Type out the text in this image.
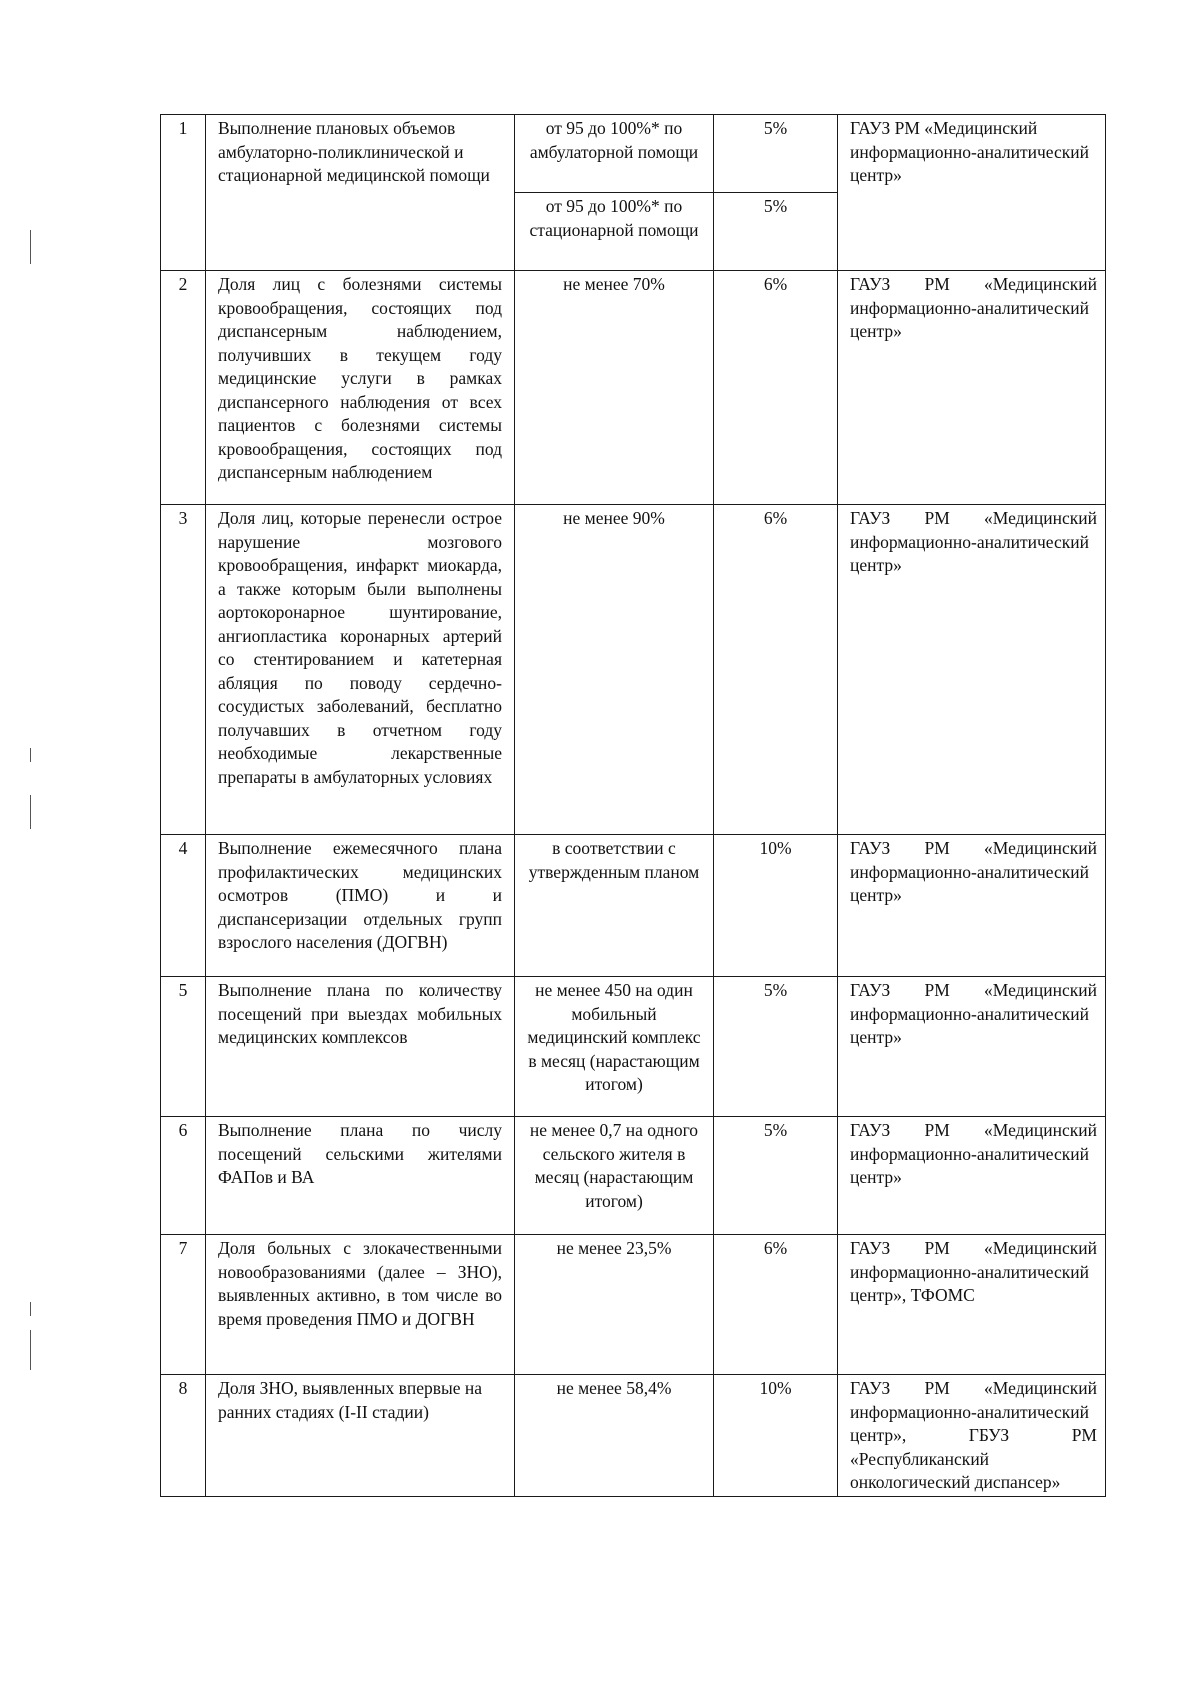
1	Выполнение плановых объемов амбулаторно-поликлинической и стационарной медицинской помощи	от 95 до 100%* по амбулаторной помощи	5%	ГАУЗ РМ «Медицинский информационно-аналитический центр»
		от 95 до 100%* по стационарной помощи	5%	
2	Доля лиц с болезнями системы кровообращения, состоящих под диспансерным наблюдением, получивших в текущем году медицинские услуги в рамках диспансерного наблюдения от всех пациентов с болезнями системы кровообращения, состоящих под диспансерным наблюдением	не менее 70%	6%	ГАУЗ РМ «Медицинский информационно-аналитический центр»
3	Доля лиц, которые перенесли острое нарушение мозгового кровообращения, инфаркт миокарда, а также которым были выполнены аортокоронарное шунтирование, ангиопластика коронарных артерий со стентированием и катетерная абляция по поводу сердечно-сосудистых заболеваний, бесплатно получавших в отчетном году необходимые лекарственные препараты в амбулаторных условиях	не менее 90%	6%	ГАУЗ РМ «Медицинский информационно-аналитический центр»
4	Выполнение ежемесячного плана профилактических медицинских осмотров (ПМО) и и диспансеризации отдельных групп взрослого населения (ДОГВН)	в соответствии с утвержденным планом	10%	ГАУЗ РМ «Медицинский информационно-аналитический центр»
5	Выполнение плана по количеству посещений при выездах мобильных медицинских комплексов	не менее 450 на один мобильный медицинский комплекс в месяц (нарастающим итогом)	5%	ГАУЗ РМ «Медицинский информационно-аналитический центр»
6	Выполнение плана по числу посещений сельскими жителями ФАПов и ВА	не менее 0,7 на одного сельского жителя в месяц (нарастающим итогом)	5%	ГАУЗ РМ «Медицинский информационно-аналитический центр»
7	Доля больных с злокачественными новообразованиями (далее – ЗНО), выявленных активно, в том числе во время проведения ПМО и ДОГВН	не менее 23,5%	6%	ГАУЗ РМ «Медицинский информационно-аналитический центр», ТФОМС
8	Доля ЗНО, выявленных впервые на ранних стадиях (I-II стадии)	не менее 58,4%	10%	ГАУЗ РМ «Медицинский информационно-аналитический центр», ГБУЗ РМ «Республиканский онкологический диспансер»
